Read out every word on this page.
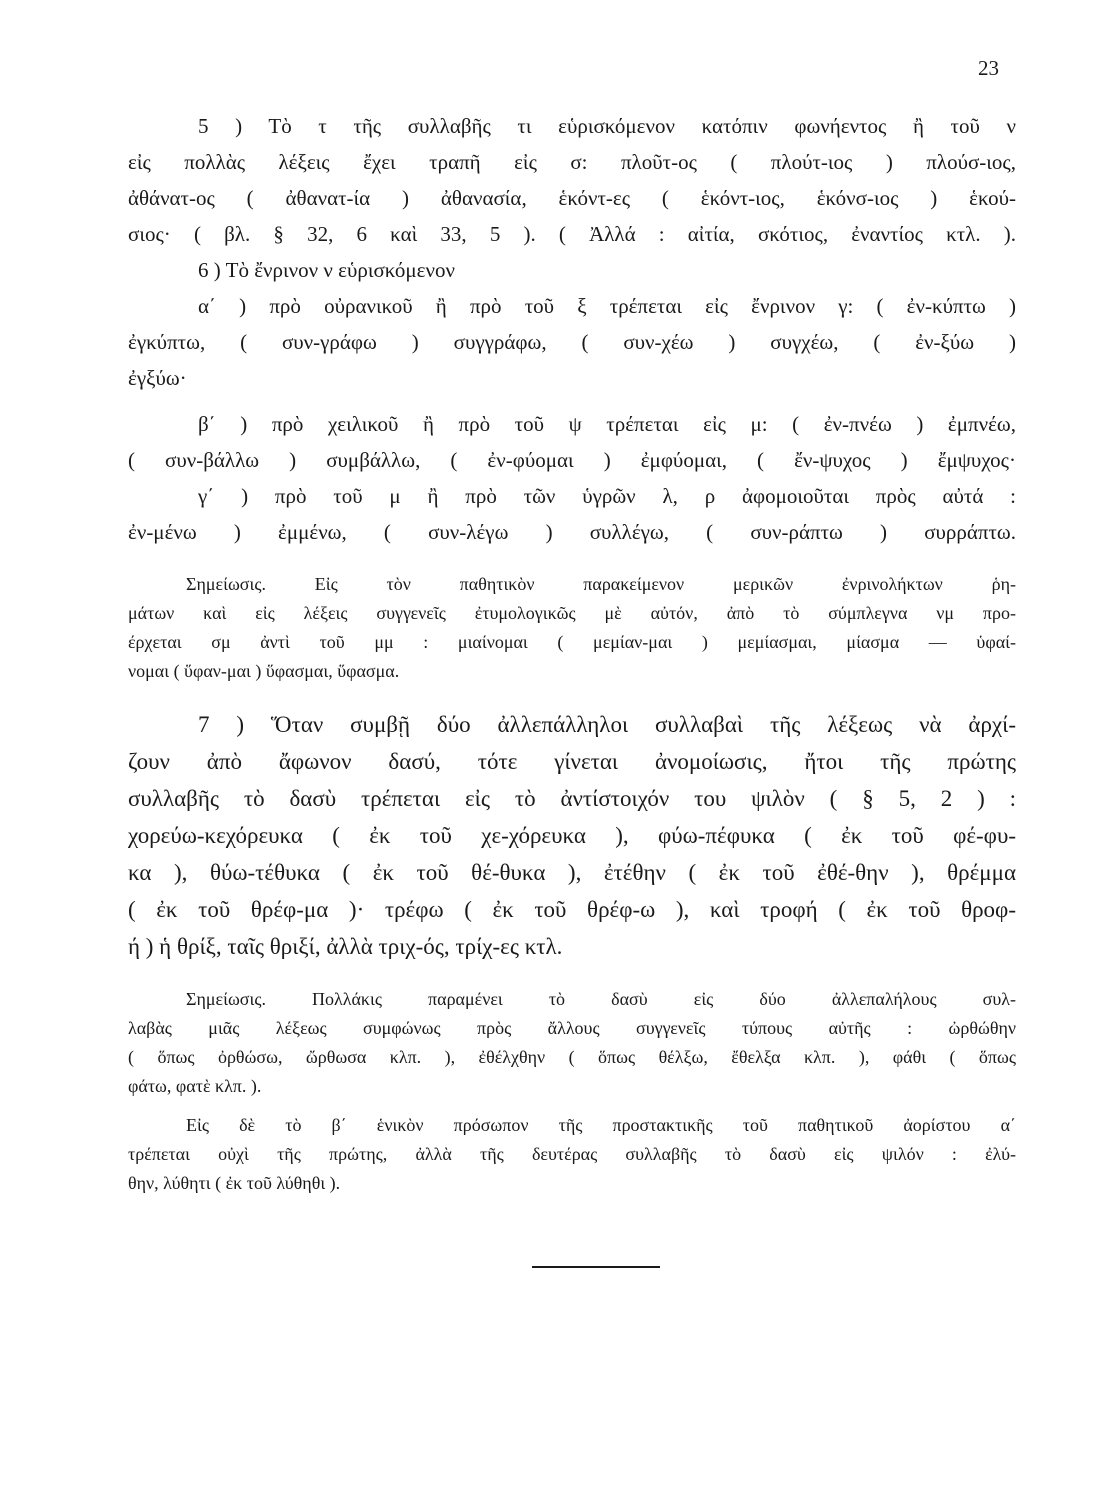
23
5 ) Τὸ τ τῆς συλλαβῆς τι εὑρισκόμενον κατόπιν φωνήεντος ἢ τοῦ ν
εἰς πολλὰς λέξεις ἔχει τραπῆ εἰς σ: πλοῦτ-ος ( πλούτ-ιος ) πλούσ-ιος,
ἀθάνατ-ος ( ἀθανατ-ία ) ἀθανασία, ἑκόντ-ες ( ἑκόντ-ιος, ἑκόνσ-ιος ) ἑκού-
σιος· ( βλ. § 32, 6 καὶ 33, 5 ). ( Ἀλλά : αἰτία, σκότιος, ἐναντίος κτλ. ).
6 ) Τὸ ἔνρινον ν εὑρισκόμενον
α΄ ) πρὸ οὐρανικοῦ ἢ πρὸ τοῦ ξ τρέπεται εἰς ἔνρινον γ: ( ἐν-κύπτω )
ἐγκύπτω, ( συν-γράφω ) συγγράφω, ( συν-χέω ) συγχέω, ( ἐν-ξύω )
ἐγξύω·
β΄ ) πρὸ χειλικοῦ ἢ πρὸ τοῦ ψ τρέπεται εἰς μ: ( ἐν-πνέω ) ἐμπνέω,
( συν-βάλλω ) συμβάλλω, ( ἐν-φύομαι ) ἐμφύομαι, ( ἔν-ψυχος ) ἔμψυχος·
γ΄ ) πρὸ τοῦ μ ἢ πρὸ τῶν ὑγρῶν λ, ρ ἀφομοιοῦται πρὸς αὐτά :
ἐν-μένω ) ἐμμένω, ( συν-λέγω ) συλλέγω, ( συν-ράπτω ) συρράπτω.
Σημείωσις. Εἰς τὸν παθητικὸν παρακείμενον μερικῶν ἐνρινολήκτων ῥη-
μάτων καὶ εἰς λέξεις συγγενεῖς ἐτυμολογικῶς μὲ αὐτόν, ἀπὸ τὸ σύμπλεγνα νμ προ-
έρχεται σμ ἀντὶ τοῦ μμ : μιαίνομαι ( μεμίαν-μαι ) μεμίασμαι, μίασμα — ὑφαί-
νομαι ( ὕφαν-μαι ) ὕφασμαι, ὕφασμα.
7 ) Ὅταν συμβῇ δύο ἀλλεπάλληλοι συλλαβαὶ τῆς λέξεως νὰ ἀρχί-
ζουν ἀπὸ ἄφωνον δασύ, τότε γίνεται ἀνομοίωσις, ἤτοι τῆς πρώτης
συλλαβῆς τὸ δασὺ τρέπεται εἰς τὸ ἀντίστοιχόν του ψιλὸν ( § 5, 2 ) :
χορεύω-κεχόρευκα ( ἐκ τοῦ χε-χόρευκα ), φύω-πέφυκα ( ἐκ τοῦ φέ-φυ-
κα ), θύω-τέθυκα ( ἐκ τοῦ θέ-θυκα ), ἐτέθην ( ἐκ τοῦ ἐθέ-θην ), θρέμμα
( ἐκ τοῦ θρέφ-μα )· τρέφω ( ἐκ τοῦ θρέφ-ω ), καὶ τροφή ( ἐκ τοῦ θροφ-
ή ) ἡ θρίξ, ταῖς θριξί, ἀλλὰ τριχ-ός, τρίχ-ες κτλ.
Σημείωσις. Πολλάκις παραμένει τὸ δασὺ εἰς δύο ἀλλεπαλήλους συλ-
λαβὰς μιᾶς λέξεως συμφώνως πρὸς ἄλλους συγγενεῖς τύπους αὐτῆς : ὠρθώθην
( ὅπως ὀρθώσω, ὤρθωσα κλπ. ), ἐθέλχθην ( ὅπως θέλξω, ἔθελξα κλπ. ), φάθι ( ὅπως
φάτω, φατὲ κλπ. ).
Εἰς δὲ τὸ β΄ ἑνικὸν πρόσωπον τῆς προστακτικῆς τοῦ παθητικοῦ ἀορίστου α΄
τρέπεται οὐχὶ τῆς πρώτης, ἀλλὰ τῆς δευτέρας συλλαβῆς τὸ δασὺ εἰς ψιλόν : ἐλύ-
θην, λύθητι ( ἐκ τοῦ λύθηθι ).
